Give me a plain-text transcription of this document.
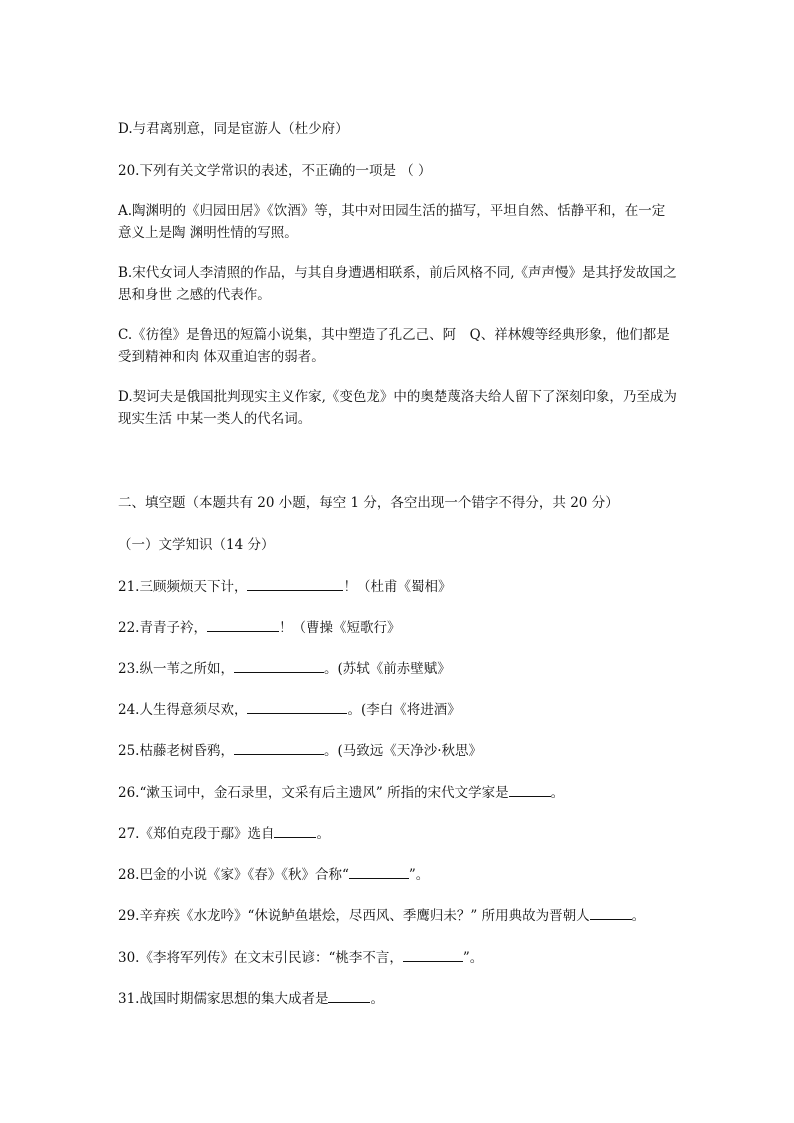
D.与君离别意，同是宦游人（杜少府）
20.下列有关文学常识的表述，不正确的一项是 （ ）
A.陶渊明的《归园田居》《饮酒》等，其中对田园生活的描写，平坦自然、恬静平和，在一定意义上是陶 渊明性情的写照。
B.宋代女词人李清照的作品，与其自身遭遇相联系，前后风格不同,《声声慢》是其抒发故国之思和身世 之感的代表作。
C.《彷徨》是鲁迅的短篇小说集，其中塑造了孔乙己、阿　Q、祥林嫂等经典形象，他们都是受到精神和肉 体双重迫害的弱者。
D.契诃夫是俄国批判现实主义作家,《变色龙》中的奥楚蔑洛夫给人留下了深刻印象，乃至成为现实生活 中某一类人的代名词。
二、填空题（本题共有 20 小题，每空 1 分，各空出现一个错字不得分，共 20 分）
（一）文学知识（14 分）
21.三顾频烦天下计，	！（杜甫《蜀相》
22.青青子衿，	！（曹操《短歌行》
23.纵一苇之所如，	。(苏轼《前赤壁赋》
24.人生得意须尽欢，	。(李白《将进酒》
25.枯藤老树昏鸦，	。(马致远《天净沙·秋思》
26.“漱玉词中，金石录里，文采有后主遗风” 所指的宋代文学家是	。
27.《郑伯克段于鄢》选自	。
28.巴金的小说《家》《春》《秋》合称“	”。
29.辛弃疾《水龙吟》“休说鲈鱼堪烩，尽西风、季鹰归未？” 所用典故为晋朝人	。
30.《李将军列传》在文末引民谚：“桃李不言，	”。
31.战国时期儒家思想的集大成者是	。
